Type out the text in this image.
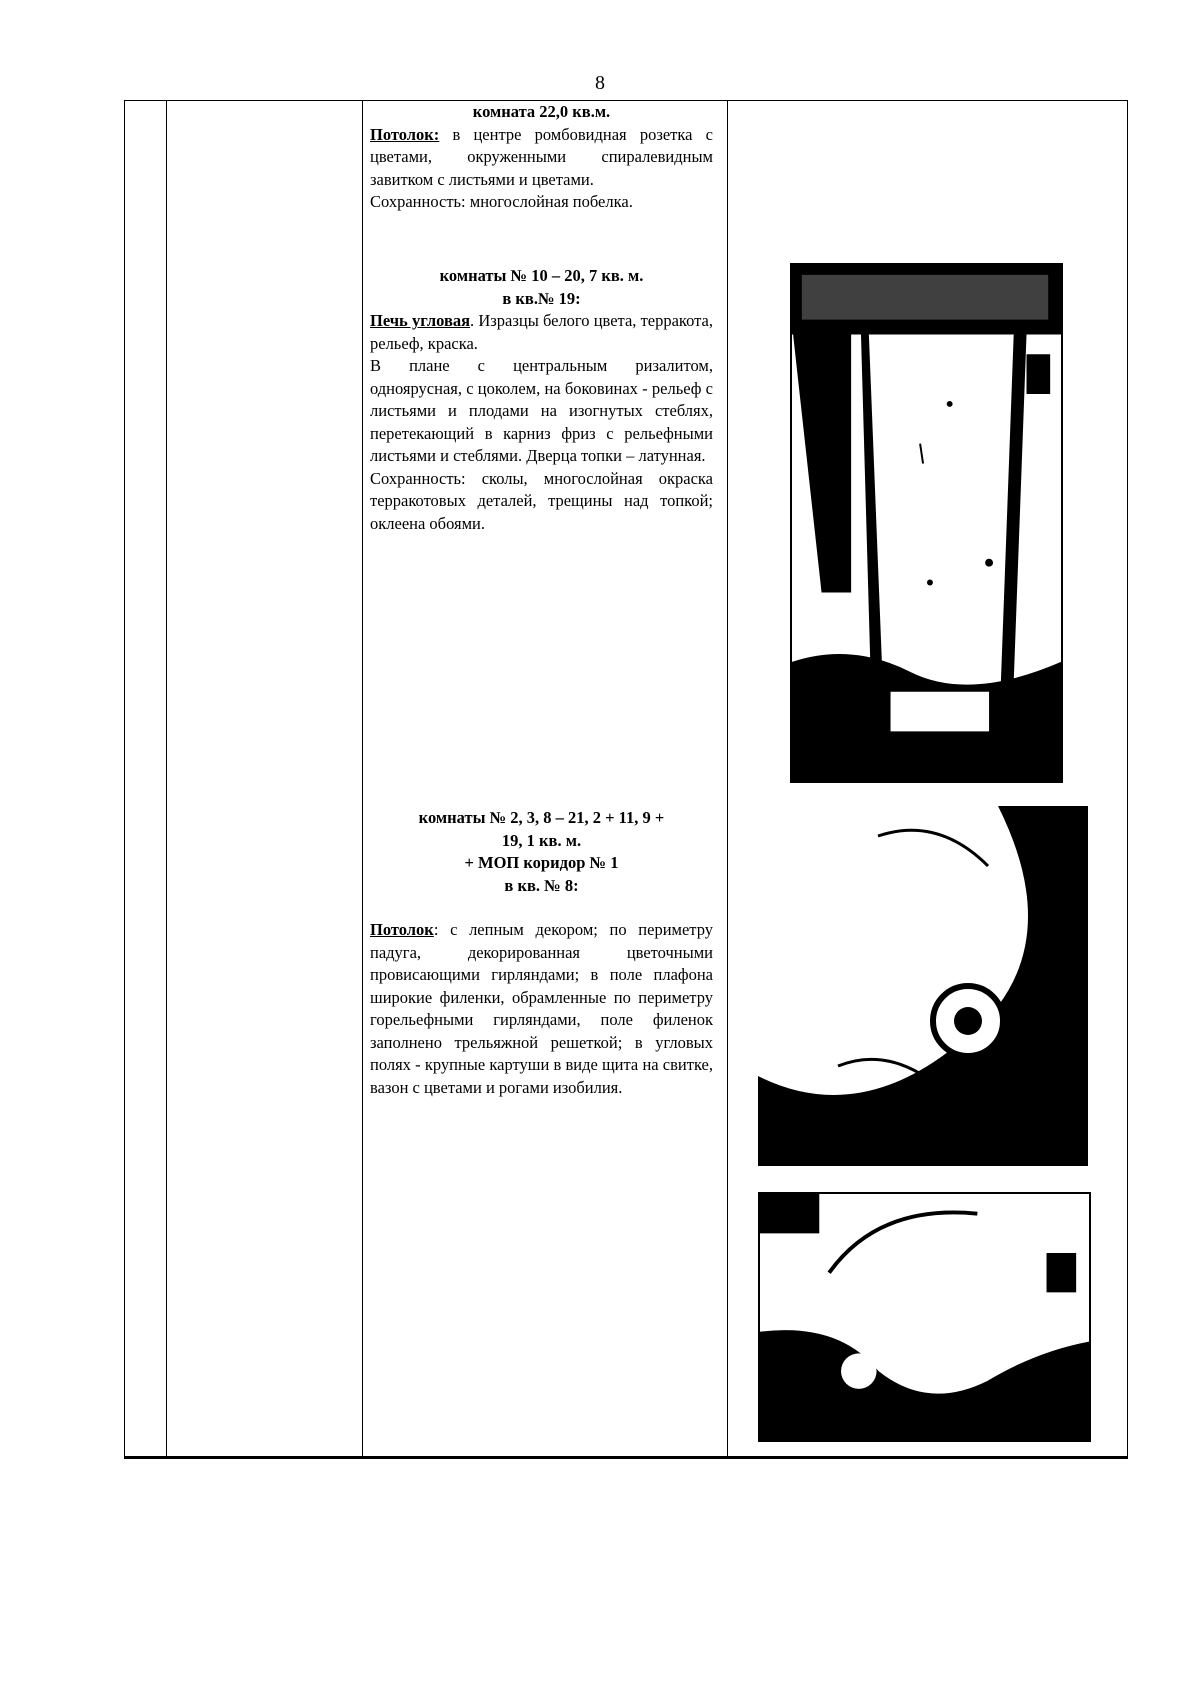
8

комната 22,0 кв.м.

Потолок: в центре ромбовидная розетка с цветами, окруженными спиралевидным завитком с листьями и цветами.

Сохранность: многослойная побелка.

комнаты № 10 – 20, 7 кв. м.

в кв.№ 19:

Печь угловая. Изразцы белого цвета, терракота, рельеф, краска.

В плане с центральным ризалитом, одноярусная, с цоколем, на боковинах - рельеф с листьями и плодами на изогнутых стеблях, перетекающий в карниз фриз с рельефными листьями и стеблями. Дверца топки – латунная.

Сохранность: сколы, многослойная окраска терракотовых деталей, трещины над топкой; оклеена обоями.

комнаты № 2, 3, 8 – 21, 2 + 11, 9 +

19, 1 кв. м.

+ МОП коридор № 1

в кв. № 8:

Потолок: с лепным декором; по периметру падуга, декорированная цветочными провисающими гирляндами; в поле плафона широкие филенки, обрамленные по периметру горельефными гирляндами, поле филенок заполнено трельяжной решеткой; в угловых полях - крупные картуши в виде щита на свитке, вазон с цветами и рогами изобилия.
